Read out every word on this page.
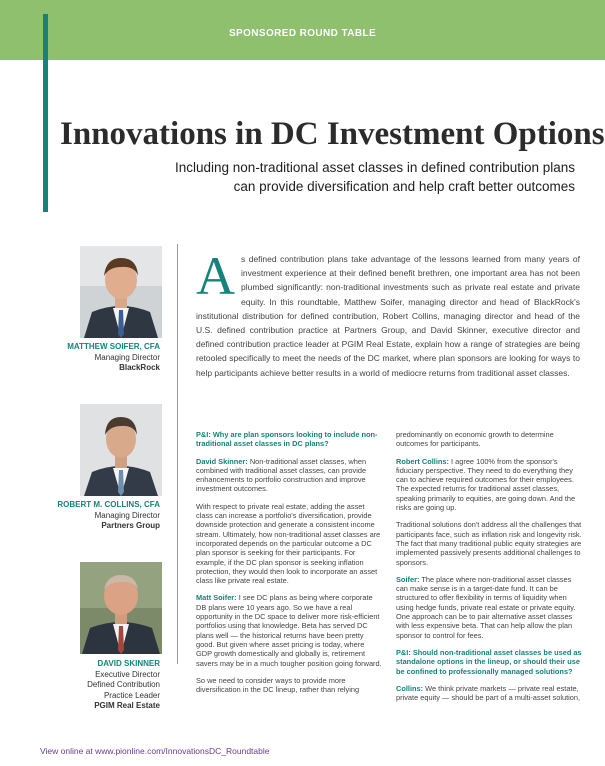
SPONSORED ROUND TABLE
Innovations in DC Investment Options
Including non-traditional asset classes in defined contribution plans
can provide diversification and help craft better outcomes
MATTHEW SOIFER, CFA
Managing Director
BlackRock
ROBERT M. COLLINS, CFA
Managing Director
Partners Group
DAVID SKINNER
Executive Director
Defined Contribution
Practice Leader
PGIM Real Estate
A s defined contribution plans take advantage of the lessons learned from many years of investment experience at their defined benefit brethren, one important area has not been plumbed significantly: non-traditional investments such as private real estate and private equity. In this roundtable, Matthew Soifer, managing director and head of BlackRock's institutional distribution for defined contribution, Robert Collins, managing director and head of the U.S. defined contribution practice at Partners Group, and David Skinner, executive director and defined contribution practice leader at PGIM Real Estate, explain how a range of strategies are being retooled specifically to meet the needs of the DC market, where plan sponsors are looking for ways to help participants achieve better results in a world of mediocre returns from traditional asset classes.

P&I: Why are plan sponsors looking to include non-traditional asset classes in DC plans?

David Skinner: Non-traditional asset classes, when combined with traditional asset classes, can provide enhancements to portfolio construction and improve investment outcomes.

With respect to private real estate, adding the asset class can increase a portfolio's diversification, provide downside protection and generate a consistent income stream. Ultimately, how non-traditional asset classes are incorporated depends on the particular outcome a DC plan sponsor is seeking for their participants. For example, if the DC plan sponsor is seeking inflation protection, they would then look to incorporate an asset class like private real estate.

Matt Soifer: I see DC plans as being where corporate DB plans were 10 years ago. So we have a real opportunity in the DC space to deliver more risk-efficient portfolios using that knowledge. Beta has served DC plans well — the historical returns have been pretty good. But given where asset pricing is today, where GDP growth domestically and globally is, retirement savers may be in a much tougher position going forward.

So we need to consider ways to provide more diversification in the DC lineup, rather than relying

predominantly on economic growth to determine outcomes for participants.

Robert Collins: I agree 100% from the sponsor's fiduciary perspective. They need to do everything they can to achieve required outcomes for their employees. The expected returns for traditional asset classes, speaking primarily to equities, are going down. And the risks are going up.

Traditional solutions don't address all the challenges that participants face, such as inflation risk and longevity risk. The fact that many traditional public equity strategies are implemented passively presents additional challenges to sponsors.

Soifer: The place where non-traditional asset classes can make sense is in a target-date fund. It can be structured to offer flexibility in terms of liquidity when using hedge funds, private real estate or private equity. One approach can be to pair alternative asset classes with less expensive beta. That can help allow the plan sponsor to control for fees.

P&I: Should non-traditional asset classes be used as standalone options in the lineup, or should their use be confined to professionally managed solutions?

Collins: We think private markets — private real estate, private equity — should be part of a multi-asset solution,

View online at www.pionline.com/InnovationsDC_Roundtable
